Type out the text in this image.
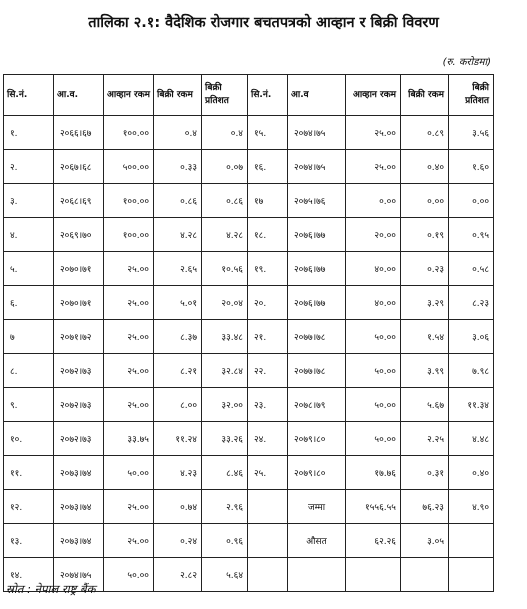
तालिका २.१: वैदेशिक रोजगार बचतपत्रको आव्हान र बिक्री विवरण
(रु. करोडमा)
सि.नं.	आ.व.	आव्हान रकम	बिक्री रकम	बिक्री प्रतिशत	सि.नं.	आ.व	आव्हान रकम	बिक्री रकम	बिक्री प्रतिशत
१.	२०६६।६७	१००.००	०.४	०.४	१५.	२०७४।७५	२५.००	०.८९	३.५६
२.	२०६७।६८	५००.००	०.३३	०.०७	१६.	२०७४।७५	२५.००	०.४०	१.६०
३.	२०६८।६९	१००.००	०.८६	०.८६	१७	२०७५।७६	०.००	०.००	०.००
४.	२०६९।७०	१००.००	४.२८	४.२८	१८.	२०७६।७७	२०.००	०.१९	०.९५
५.	२०७०।७१	२५.००	२.६५	१०.५६	१९.	२०७६।७७	४०.००	०.२३	०.५८
६.	२०७०।७१	२५.००	५.०१	२०.०४	२०.	२०७६।७७	४०.००	३.२९	८.२३
७	२०७१।७२	२५.००	८.३७	३३.४८	२१.	२०७७।७८	५०.००	१.५४	३.०६
८.	२०७२।७३	२५.००	८.२१	३२.८४	२२.	२०७७।७८	५०.००	३.९९	७.९८
९.	२०७२।७३	२५.००	८.००	३२.००	२३.	२०७८।७९	५०.००	५.६७	११.३४
१०.	२०७२।७३	३३.७५	११.२४	३३.२६	२४.	२०७९।८०	५०.००	२.२५	४.४८
११.	२०७३।७४	५०.००	४.२३	८.४६	२५.	२०७९।८०	१७.७६	०.३१	०.४०
१२.	२०७३।७४	२५.००	०.७४	२.९६		जम्मा	१५५६.५५	७६.२३	४.९०
१३.	२०७३।७४	२५.००	०.२४	०.९६		औसत	६२.२६	३.०५	
१४.	२०७४।७५	५०.००	२.८२	५.६४					
स्रोत : नेपाल राष्ट्र बैंक
